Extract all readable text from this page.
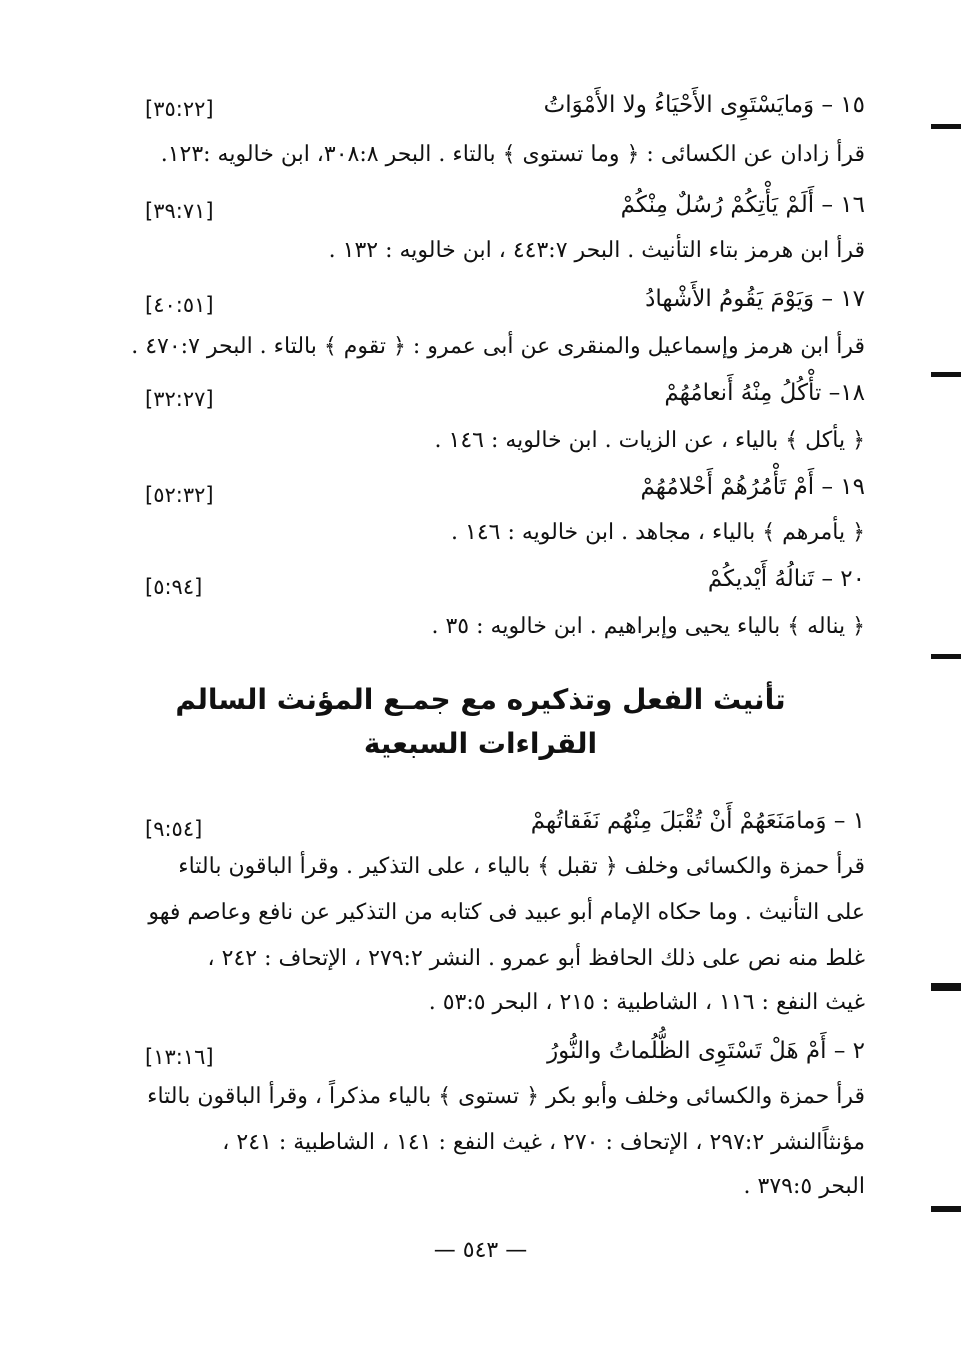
١٥ – وَمايَسْتَوِى الأَحْيَاءُ ولا الأَمْوَاتُ
[٣٥:٢٢]
قرأ زادان عن الكسائى : ﴿ وما تستوى ﴾ بالتاء . البحر ٣٠٨:٨، ابن خالويه :١٢٣.
١٦ – أَلَمْ يَأْتِكُمْ رُسُلٌ مِنْكُمْ
[٣٩:٧١]
قرأ ابن هرمز بتاء التأنيث . البحر ٤٤٣:٧ ، ابن خالويه : ١٣٢ .
١٧ – وَيَوْمَ يَقُومُ الأَشْهادُ
[٤٠:٥١]
قرأ ابن هرمز وإسماعيل والمنقرى عن أبى عمرو : ﴿ تقوم ﴾ بالتاء . البحر ٤٧٠:٧ .
١٨– تأْكُلُ مِنْهُ أَنعامُهُمْ
[٣٢:٢٧]
﴿ يأكل ﴾ بالياء ، عن الزيات . ابن خالويه : ١٤٦ .
١٩ – أَمْ تَأْمُرُهُمْ أَحْلامُهُمْ
[٥٢:٣٢]
﴿ يأمرهم ﴾ بالياء ، مجاهد . ابن خالويه : ١٤٦ .
٢٠ – تَنالُهُ أَيْديكُمْ
[٥:٩٤]
﴿ يناله ﴾ بالياء يحيى وإبراهيم . ابن خالويه : ٣٥ .
تأنيث الفعل وتذكيره مع جمـع المؤنث السالم
القراءات السبعية
١ – وَمامَنَعَهُمْ أَنْ تُقْبَلَ مِنْهُم نَفَقاتُهمْ
[٩:٥٤]
قرأ حمزة والكسائى وخلف ﴿ تقبل ﴾ بالياء ، على التذكير . وقرأ الباقون بالتاء
على التأنيث . وما حكاه الإمام أبو عبيد فى كتابه من التذكير عن نافع وعاصم فهو
غلط منه نص على ذلك الحافظ أبو عمرو . النشر ٢٧٩:٢ ، الإتحاف : ٢٤٢ ،
غيث النفع : ١١٦ ، الشاطبية : ٢١٥ ، البحر ٥٣:٥ .
٢ – أَمْ هَلْ تَسْتَوِى الظُّلُماتُ والنُّورُ
[١٣:١٦]
قرأ حمزة والكسائى وخلف وأبو بكر ﴿ تستوى ﴾ بالياء مذكراً ، وقرأ الباقون بالتاء
مؤنثاًالنشر ٢٩٧:٢ ، الإتحاف : ٢٧٠ ، غيث النفع : ١٤١ ، الشاطبية : ٢٤١ ،
البحر ٣٧٩:٥ .
— ٥٤٣ —
